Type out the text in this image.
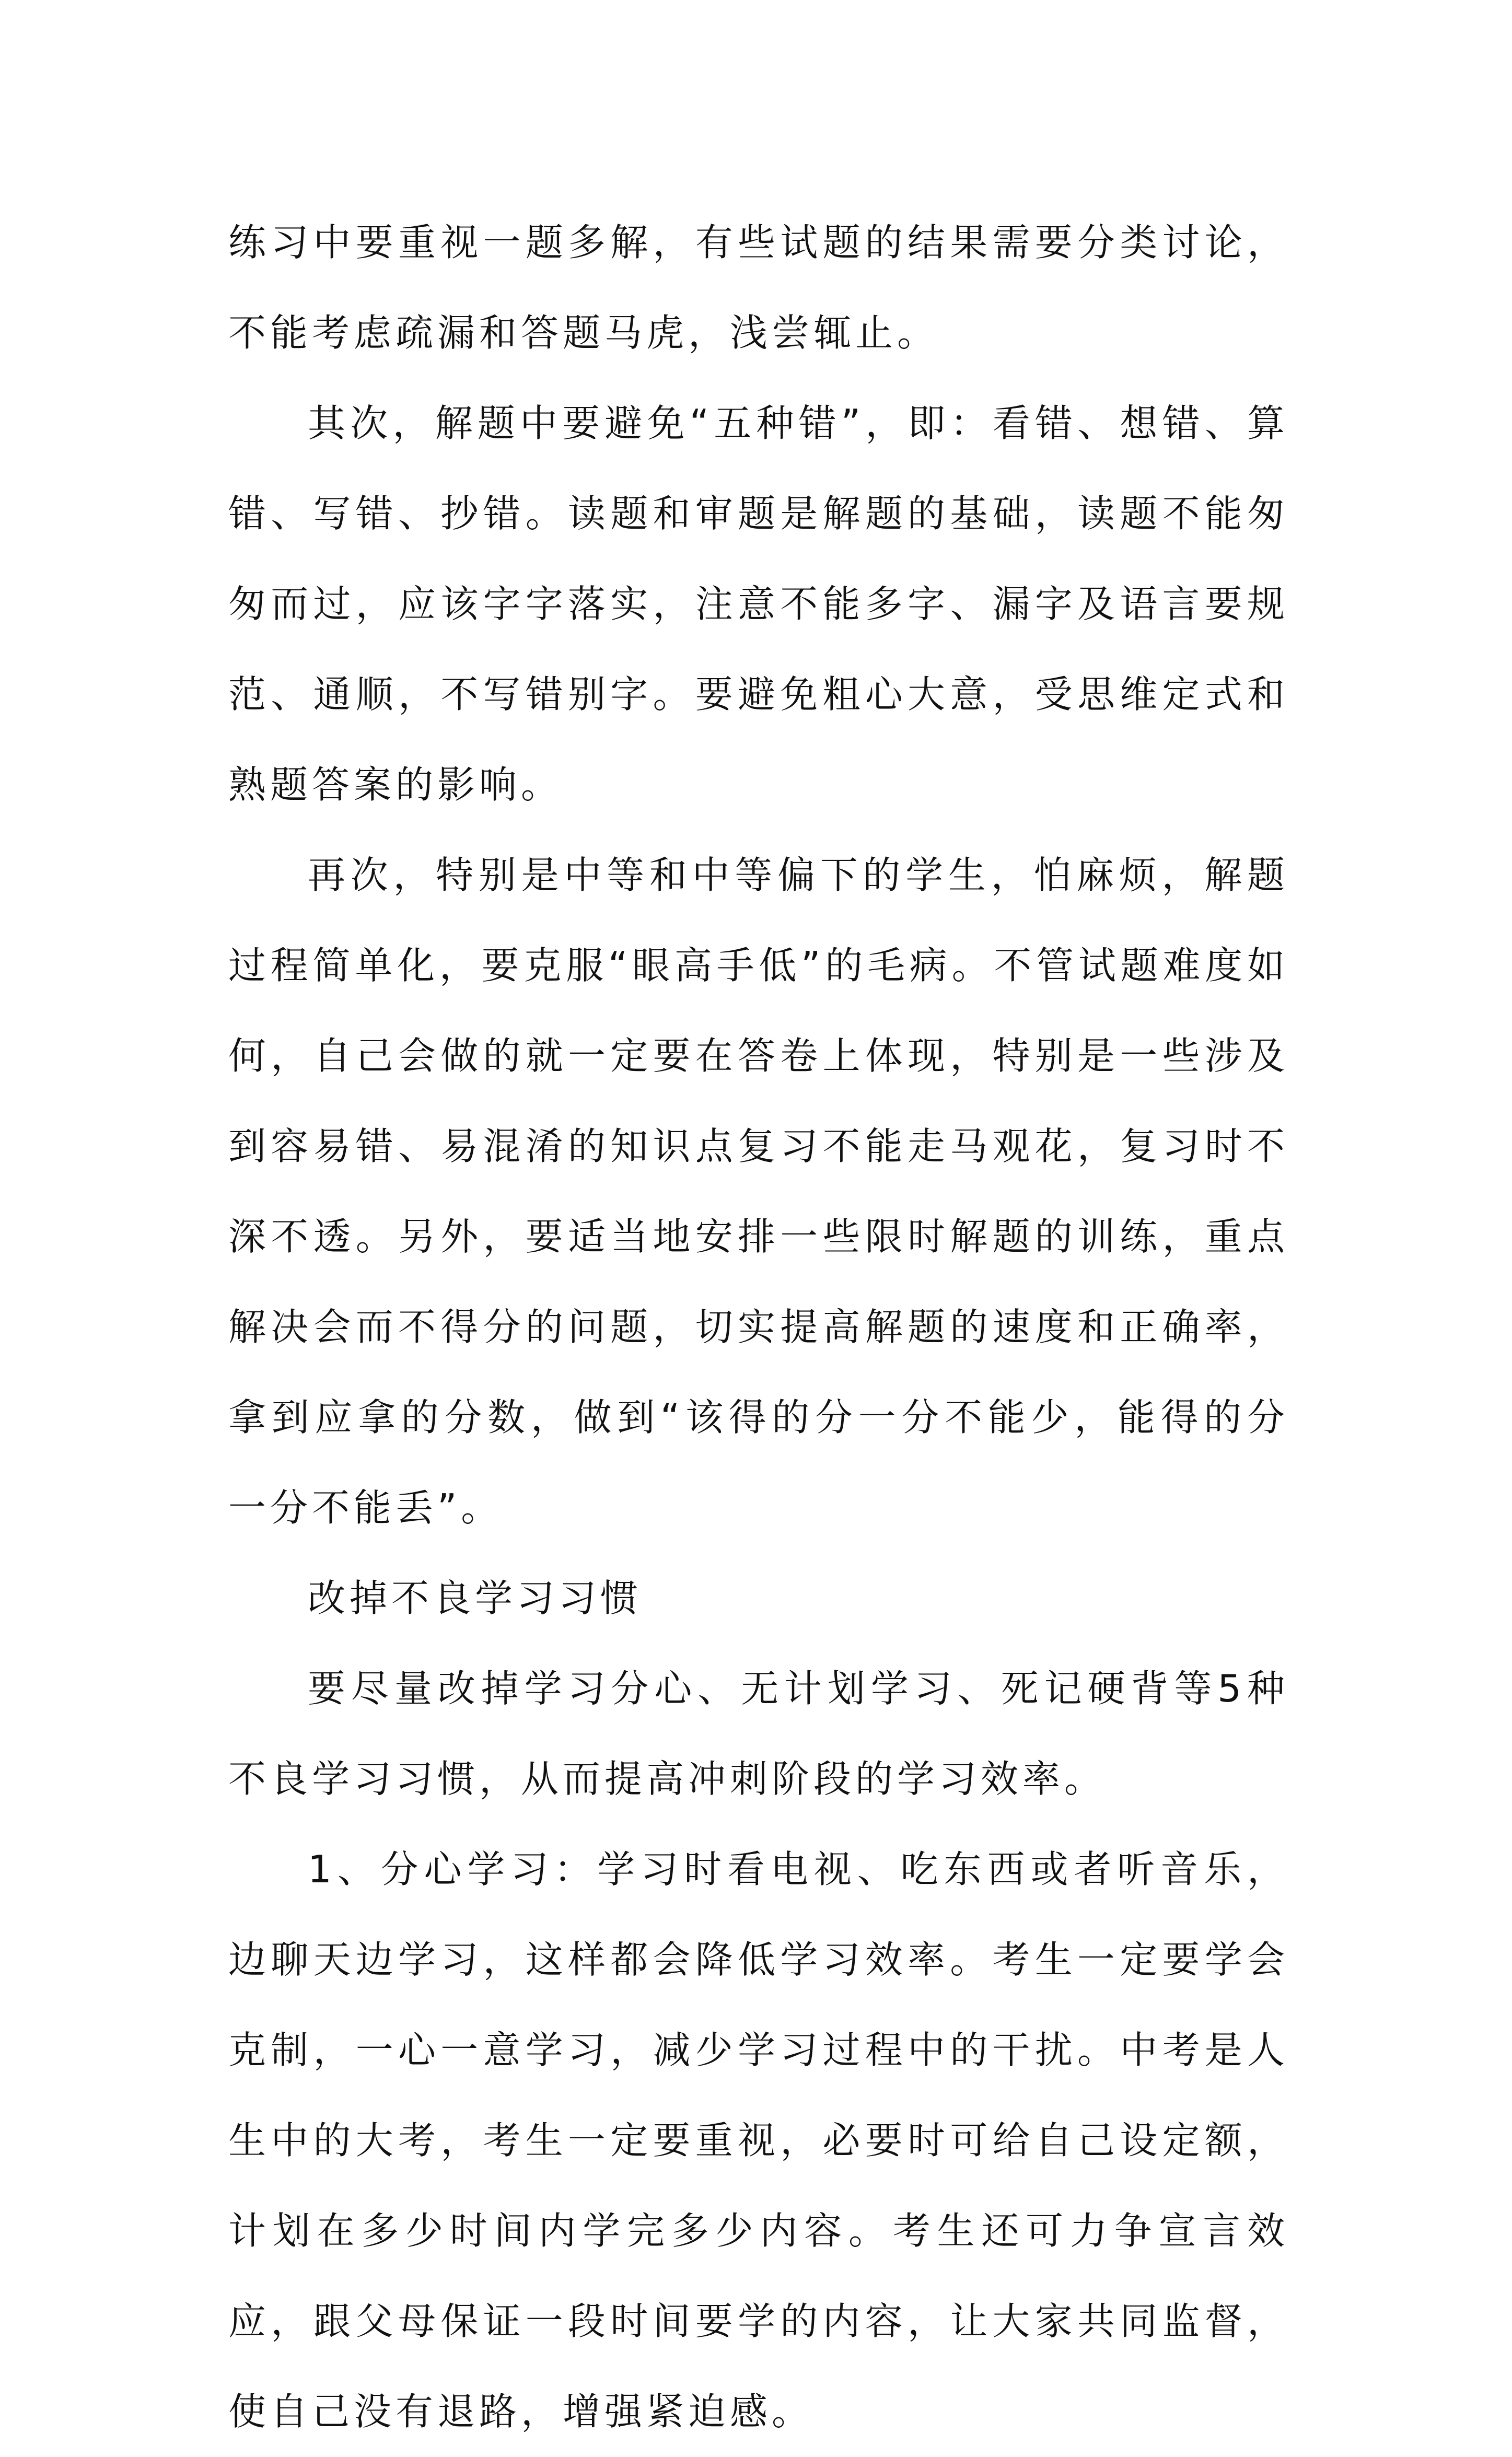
练习中要重视一题多解，有些试题的结果需要分类讨论，不能考虑疏漏和答题马虎，浅尝辄止。

其次，解题中要避免“五种错”，即：看错、想错、算错、写错、抄错。读题和审题是解题的基础，读题不能匆匆而过，应该字字落实，注意不能多字、漏字及语言要规范、通顺，不写错别字。要避免粗心大意，受思维定式和熟题答案的影响。

再次，特别是中等和中等偏下的学生，怕麻烦，解题过程简单化，要克服“眼高手低”的毛病。不管试题难度如何，自己会做的就一定要在答卷上体现，特别是一些涉及到容易错、易混淆的知识点复习不能走马观花，复习时不深不透。另外，要适当地安排一些限时解题的训练，重点解决会而不得分的问题，切实提高解题的速度和正确率，拿到应拿的分数，做到“该得的分一分不能少，能得的分一分不能丢”。

改掉不良学习习惯

要尽量改掉学习分心、无计划学习、死记硬背等5种不良学习习惯，从而提高冲刺阶段的学习效率。

1、分心学习：学习时看电视、吃东西或者听音乐，边聊天边学习，这样都会降低学习效率。考生一定要学会克制，一心一意学习，减少学习过程中的干扰。中考是人生中的大考，考生一定要重视，必要时可给自己设定额，计划在多少时间内学完多少内容。考生还可力争宣言效应，跟父母保证一段时间要学的内容，让大家共同监督，使自己没有退路，增强紧迫感。
